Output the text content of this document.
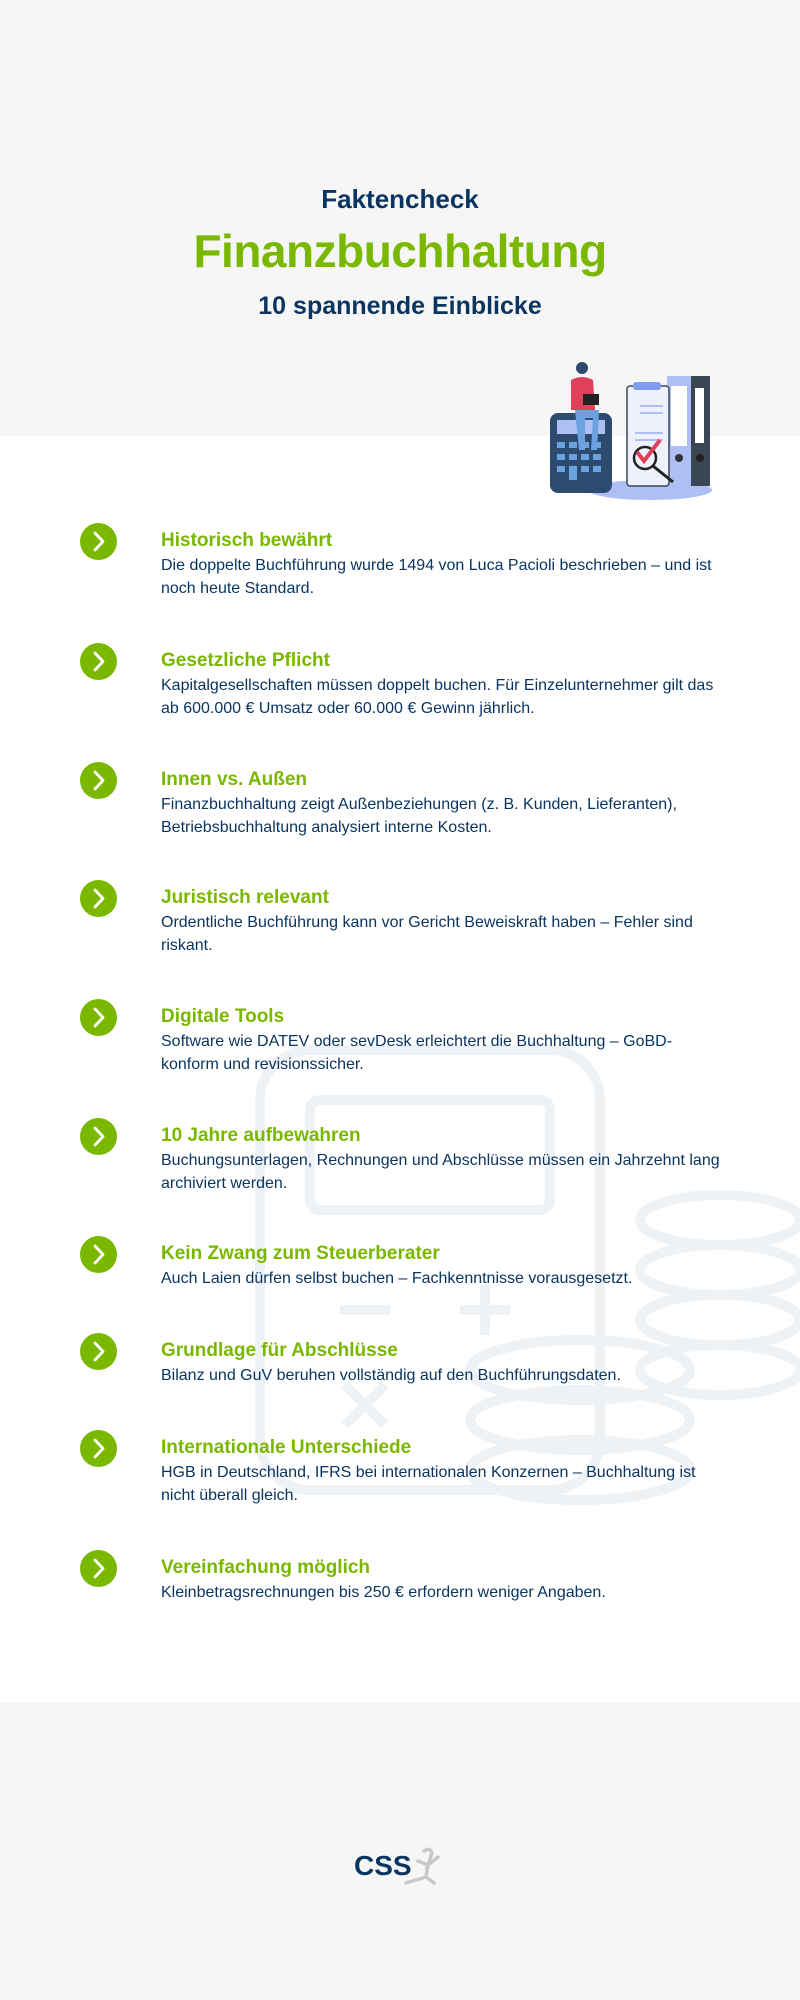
Faktencheck
Finanzbuchhaltung
10 spannende Einblicke
Historisch bewährt
Die doppelte Buchführung wurde 1494 von Luca Pacioli beschrieben – und ist noch heute Standard.
Gesetzliche Pflicht
Kapitalgesellschaften müssen doppelt buchen. Für Einzelunternehmer gilt das ab 600.000 € Umsatz oder 60.000 € Gewinn jährlich.
Innen vs. Außen
Finanzbuchhaltung zeigt Außenbeziehungen (z. B. Kunden, Lieferanten), Betriebsbuchhaltung analysiert interne Kosten.
Juristisch relevant
Ordentliche Buchführung kann vor Gericht Beweiskraft haben – Fehler sind riskant.
Digitale Tools
Software wie DATEV oder sevDesk erleichtert die Buchhaltung – GoBD-konform und revisionssicher.
10 Jahre aufbewahren
Buchungsunterlagen, Rechnungen und Abschlüsse müssen ein Jahrzehnt lang archiviert werden.
Kein Zwang zum Steuerberater
Auch Laien dürfen selbst buchen – Fachkenntnisse vorausgesetzt.
Grundlage für Abschlüsse
Bilanz und GuV beruhen vollständig auf den Buchführungsdaten.
Internationale Unterschiede
HGB in Deutschland, IFRS bei internationalen Konzernen – Buchhaltung ist nicht überall gleich.
Vereinfachung möglich
Kleinbetragsrechnungen bis 250 € erfordern weniger Angaben.
CSS
